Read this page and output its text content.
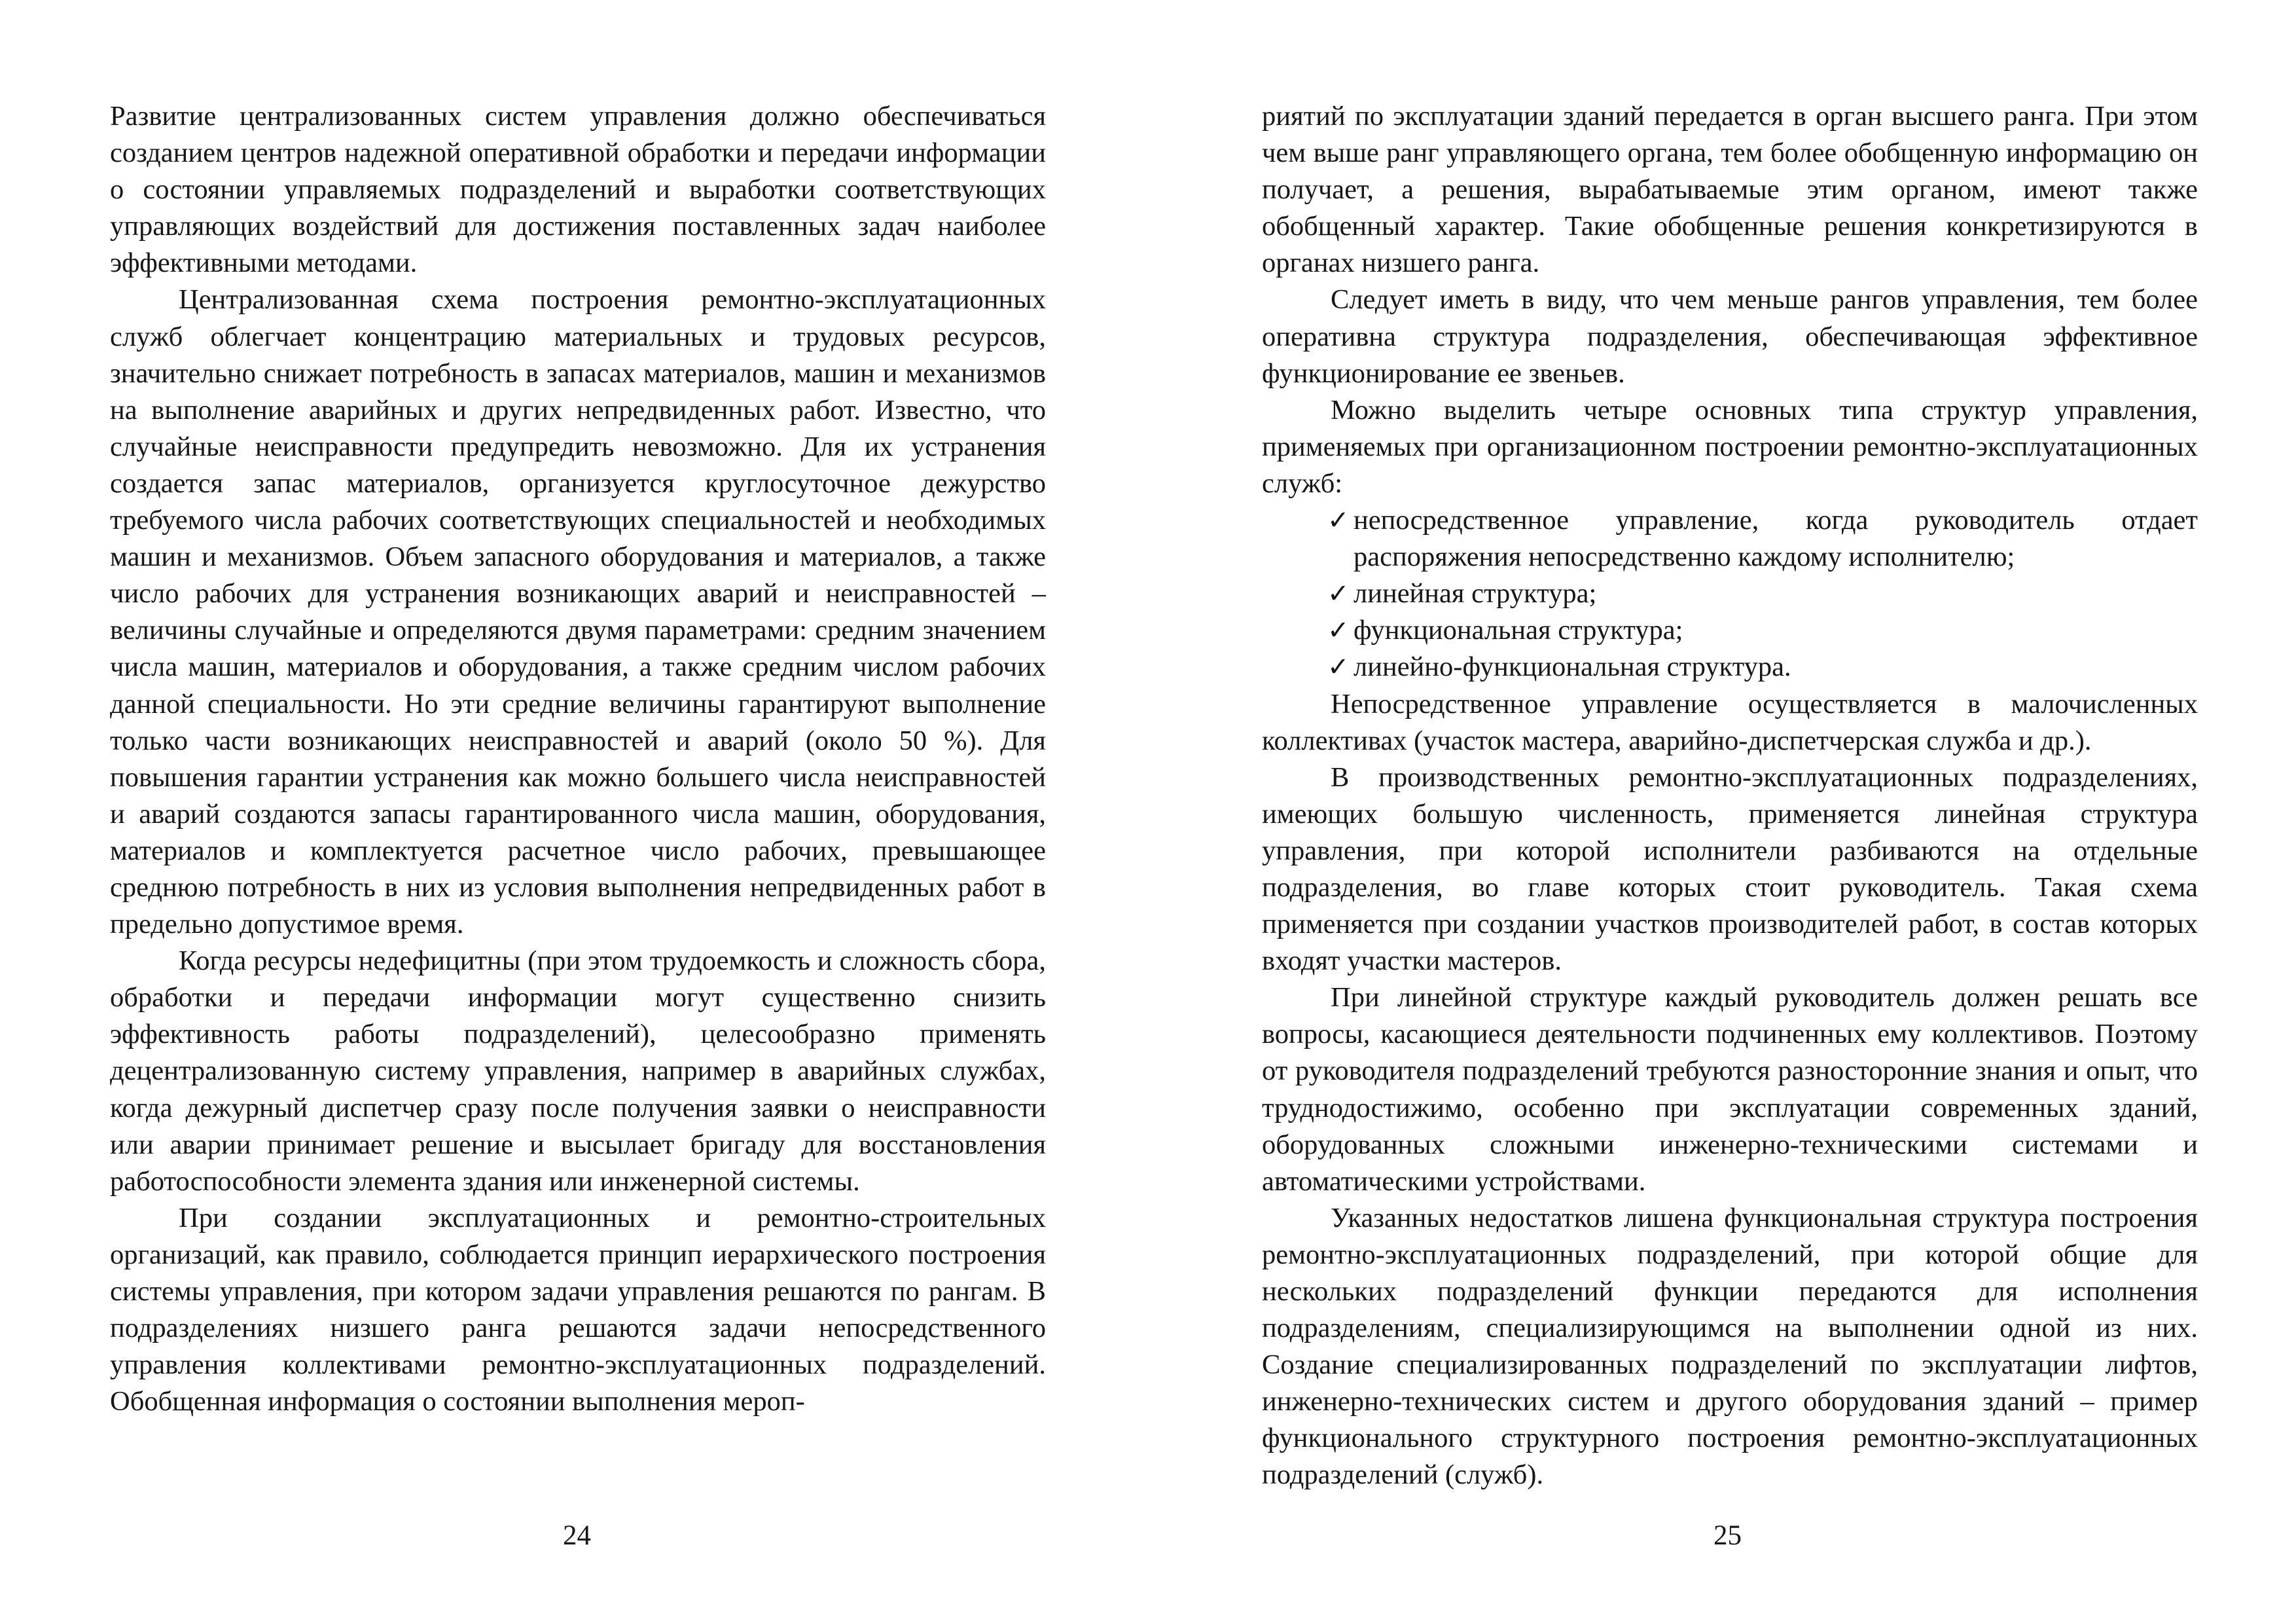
Развитие централизованных систем управления должно обеспечиваться созданием центров надежной оперативной обработки и передачи информации о состоянии управляемых подразделений и выработки соответствующих управляющих воздействий для достижения поставленных задач наиболее эффективными методами.

Централизованная схема построения ремонтно-эксплуатационных служб облегчает концентрацию материальных и трудовых ресурсов, значительно снижает потребность в запасах материалов, машин и механизмов на выполнение аварийных и других непредвиденных работ. Известно, что случайные неисправности предупредить невозможно. Для их устранения создается запас материалов, организуется круглосуточное дежурство требуемого числа рабочих соответствующих специальностей и необходимых машин и механизмов. Объем запасного оборудования и материалов, а также число рабочих для устранения возникающих аварий и неисправностей – величины случайные и определяются двумя параметрами: средним значением числа машин, материалов и оборудования, а также средним числом рабочих данной специальности. Но эти средние величины гарантируют выполнение только части возникающих неисправностей и аварий (около 50 %). Для повышения гарантии устранения как можно большего числа неисправностей и аварий создаются запасы гарантированного числа машин, оборудования, материалов и комплектуется расчетное число рабочих, превышающее среднюю потребность в них из условия выполнения непредвиденных работ в предельно допустимое время.

Когда ресурсы недефицитны (при этом трудоемкость и сложность сбора, обработки и передачи информации могут существенно снизить эффективность работы подразделений), целесообразно применять децентрализованную систему управления, например в аварийных службах, когда дежурный диспетчер сразу после получения заявки о неисправности или аварии принимает решение и высылает бригаду для восстановления работоспособности элемента здания или инженерной системы.

При создании эксплуатационных и ремонтно-строительных организаций, как правило, соблюдается принцип иерархического построения системы управления, при котором задачи управления решаются по рангам. В подразделениях низшего ранга решаются задачи непосредственного управления коллективами ремонтно-эксплуатационных подразделений. Обобщенная информация о состоянии выполнения мероп-

24

риятий по эксплуатации зданий передается в орган высшего ранга. При этом чем выше ранг управляющего органа, тем более обобщенную информацию он получает, а решения, вырабатываемые этим органом, имеют также обобщенный характер. Такие обобщенные решения конкретизируются в органах низшего ранга.

Следует иметь в виду, что чем меньше рангов управления, тем более оперативна структура подразделения, обеспечивающая эффективное функционирование ее звеньев.

Можно выделить четыре основных типа структур управления, применяемых при организационном построении ремонтно-эксплуатационных служб:

✓ непосредственное управление, когда руководитель отдает распоряжения непосредственно каждому исполнителю;
✓ линейная структура;
✓ функциональная структура;
✓ линейно-функциональная структура.

Непосредственное управление осуществляется в малочисленных коллективах (участок мастера, аварийно-диспетчерская служба и др.).

В производственных ремонтно-эксплуатационных подразделениях, имеющих большую численность, применяется линейная структура управления, при которой исполнители разбиваются на отдельные подразделения, во главе которых стоит руководитель. Такая схема применяется при создании участков производителей работ, в состав которых входят участки мастеров.

При линейной структуре каждый руководитель должен решать все вопросы, касающиеся деятельности подчиненных ему коллективов. Поэтому от руководителя подразделений требуются разносторонние знания и опыт, что труднодостижимо, особенно при эксплуатации современных зданий, оборудованных сложными инженерно-техническими системами и автоматическими устройствами.

Указанных недостатков лишена функциональная структура построения ремонтно-эксплуатационных подразделений, при которой общие для нескольких подразделений функции передаются для исполнения подразделениям, специализирующимся на выполнении одной из них. Создание специализированных подразделений по эксплуатации лифтов, инженерно-технических систем и другого оборудования зданий – пример функционального структурного построения ремонтно-эксплуатационных подразделений (служб).

25
